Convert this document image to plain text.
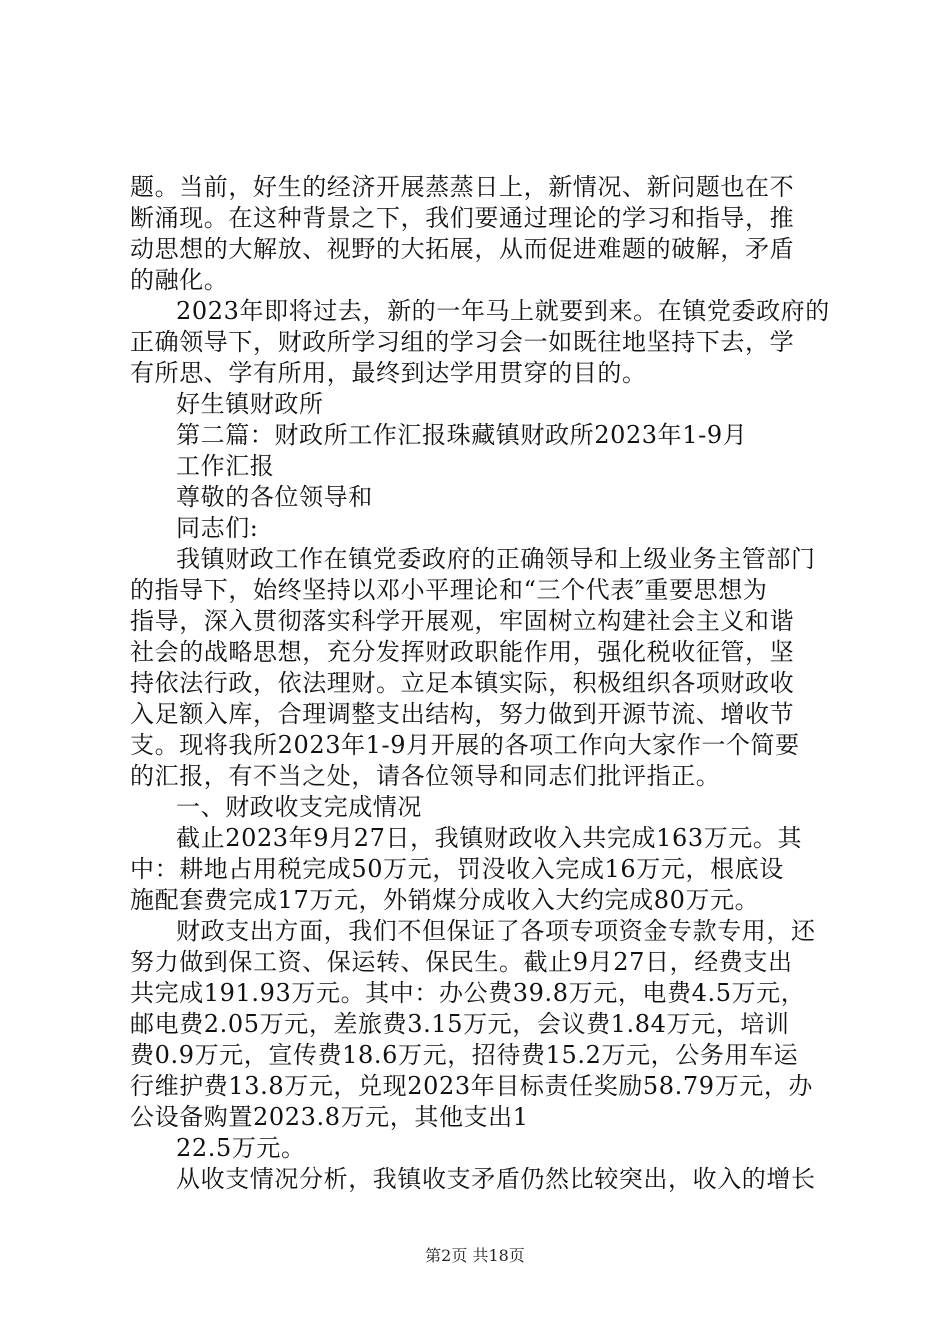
题。当前，好生的经济开展蒸蒸日上，新情况、新问题也在不
断涌现。在这种背景之下，我们要通过理论的学习和指导，推
动思想的大解放、视野的大拓展，从而促进难题的破解，矛盾
的融化。
2023年即将过去，新的一年马上就要到来。在镇党委政府的
正确领导下，财政所学习组的学习会一如既往地坚持下去，学
有所思、学有所用，最终到达学用贯穿的目的。
好生镇财政所
第二篇：财政所工作汇报珠藏镇财政所2023年1-9月
工作汇报
尊敬的各位领导和
同志们:
我镇财政工作在镇党委政府的正确领导和上级业务主管部门
的指导下，始终坚持以邓小平理论和“三个代表″重要思想为
指导，深入贯彻落实科学开展观，牢固树立构建社会主义和谐
社会的战略思想，充分发挥财政职能作用，强化税收征管，坚
持依法行政，依法理财。立足本镇实际，积极组织各项财政收
入足额入库，合理调整支出结构，努力做到开源节流、增收节
支。现将我所2023年1-9月开展的各项工作向大家作一个简要
的汇报，有不当之处，请各位领导和同志们批评指正。
一、财政收支完成情况
截止2023年9月27日，我镇财政收入共完成163万元。其
中：耕地占用税完成50万元，罚没收入完成16万元，根底设
施配套费完成17万元，外销煤分成收入大约完成80万元。
财政支出方面，我们不但保证了各项专项资金专款专用，还
努力做到保工资、保运转、保民生。截止9月27日，经费支出
共完成191.93万元。其中：办公费39.8万元，电费4.5万元，
邮电费2.05万元，差旅费3.15万元，会议费1.84万元，培训
费0.9万元，宣传费18.6万元，招待费15.2万元，公务用车运
行维护费13.8万元，兑现2023年目标责任奖励58.79万元，办
公设备购置2023.8万元，其他支出1
22.5万元。
从收支情况分析，我镇收支矛盾仍然比较突出，收入的增长
第2页 共18页
